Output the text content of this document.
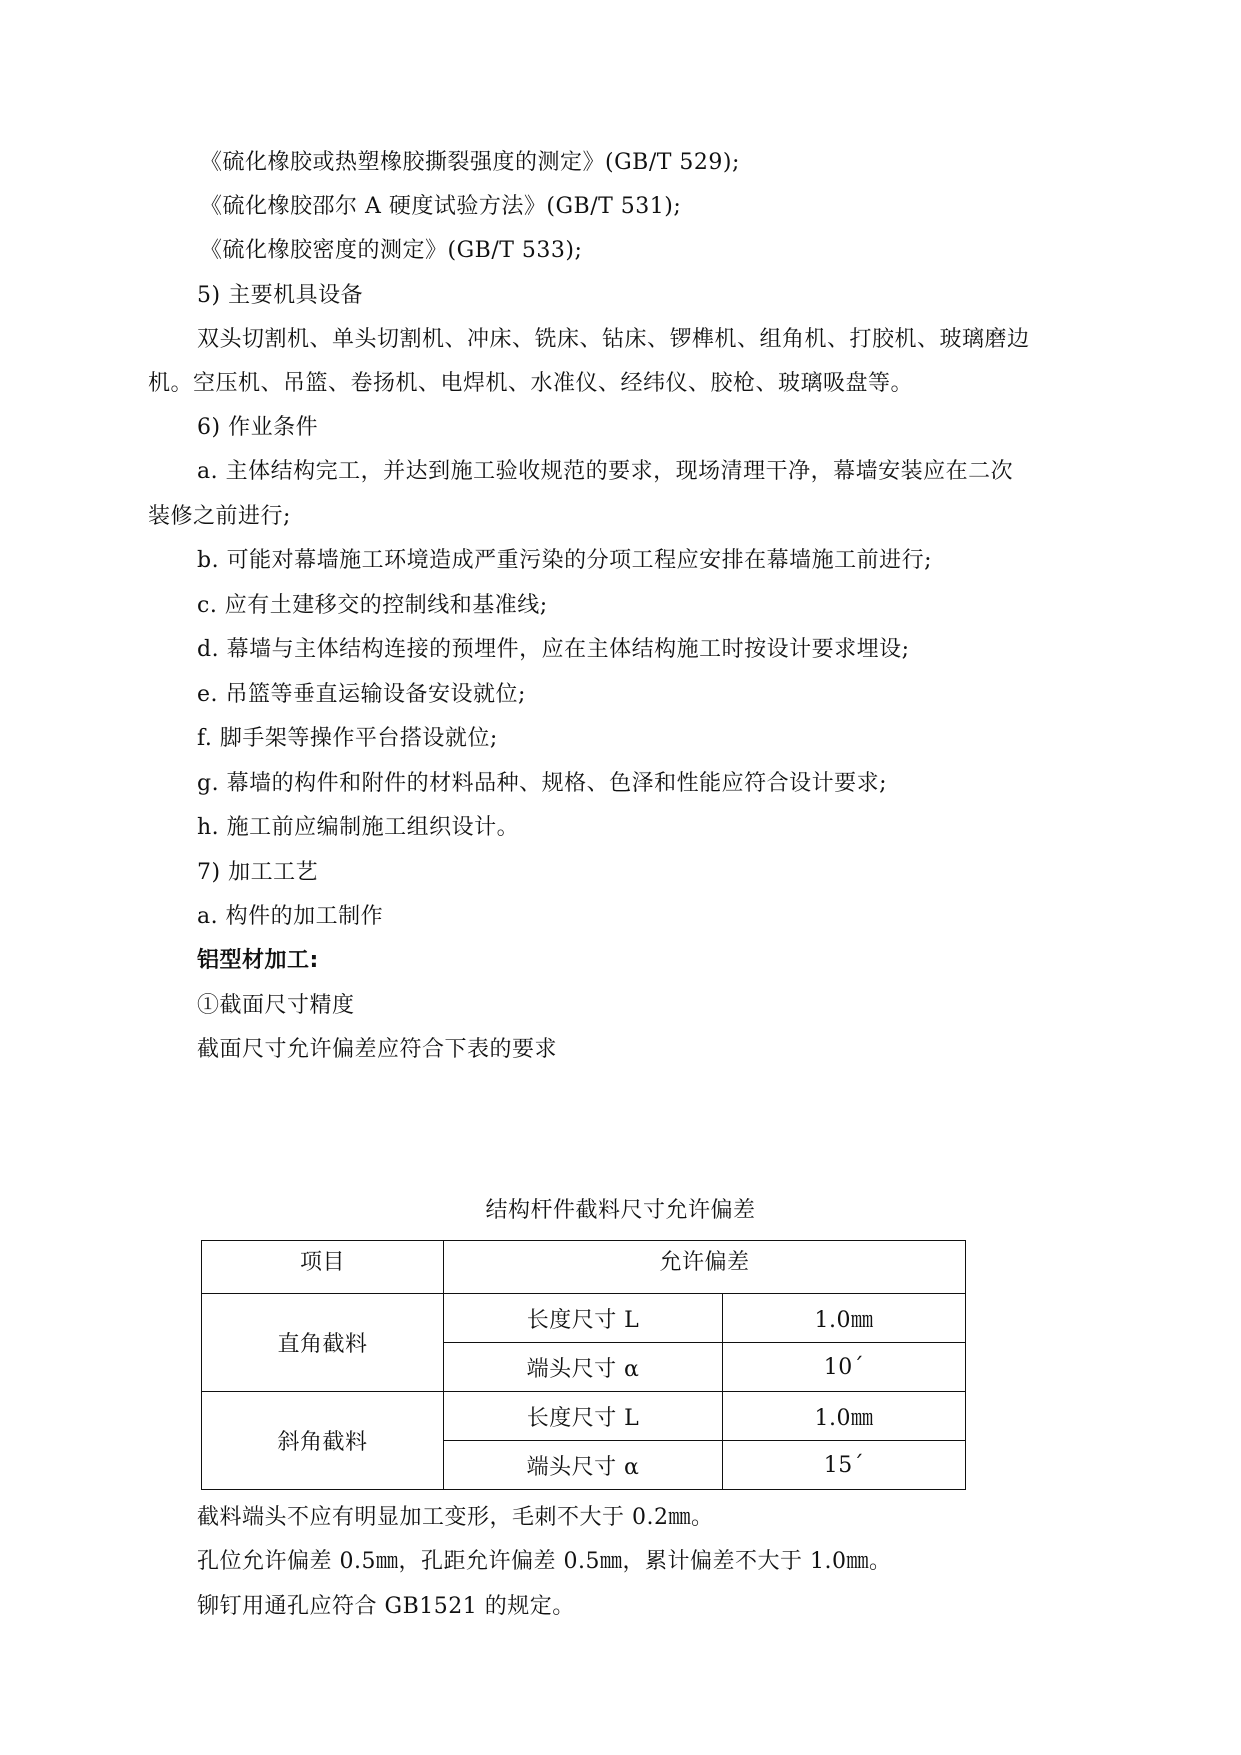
《硫化橡胶或热塑橡胶撕裂强度的测定》(GB/T 529);
《硫化橡胶邵尔 A 硬度试验方法》(GB/T 531);
《硫化橡胶密度的测定》(GB/T 533);
5) 主要机具设备
双头切割机、单头切割机、冲床、铣床、钻床、锣榫机、组角机、打胶机、玻璃磨边
机。空压机、吊篮、卷扬机、电焊机、水准仪、经纬仪、胶枪、玻璃吸盘等。
6) 作业条件
a. 主体结构完工，并达到施工验收规范的要求，现场清理干净，幕墙安装应在二次
装修之前进行;
b. 可能对幕墙施工环境造成严重污染的分项工程应安排在幕墙施工前进行;
c. 应有土建移交的控制线和基准线;
d. 幕墙与主体结构连接的预埋件，应在主体结构施工时按设计要求埋设;
e. 吊篮等垂直运输设备安设就位;
f. 脚手架等操作平台搭设就位;
g. 幕墙的构件和附件的材料品种、规格、色泽和性能应符合设计要求;
h. 施工前应编制施工组织设计。
7) 加工工艺
a. 构件的加工制作
铝型材加工:
①截面尺寸精度
截面尺寸允许偏差应符合下表的要求
结构杆件截料尺寸允许偏差
项目	允许偏差	
直角截料	长度尺寸 L	1.0㎜
	端头尺寸 α	10´
斜角截料	长度尺寸 L	1.0㎜
	端头尺寸 α	15´
截料端头不应有明显加工变形，毛刺不大于 0.2㎜。
孔位允许偏差 0.5㎜，孔距允许偏差 0.5㎜，累计偏差不大于 1.0㎜。
铆钉用通孔应符合 GB1521 的规定。
